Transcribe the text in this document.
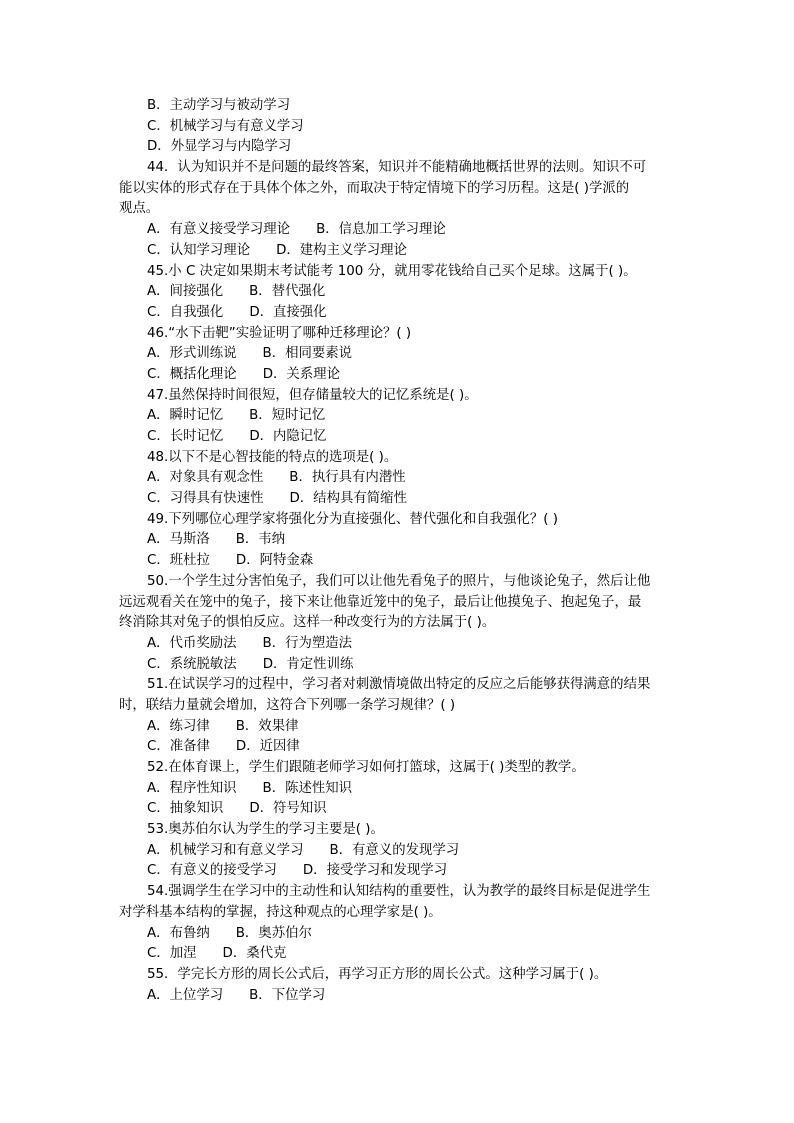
B．主动学习与被动学习
C．机械学习与有意义学习
D．外显学习与内隐学习
44．认为知识并不是问题的最终答案，知识并不能精确地概括世界的法则。知识不可
能以实体的形式存在于具体个体之外，而取决于特定情境下的学习历程。这是( )学派的
观点。
A．有意义接受学习理论 B．信息加工学习理论
C．认知学习理论 D．建构主义学习理论
45.小 C 决定如果期末考试能考 100 分，就用零花钱给自己买个足球。这属于( )。
A．间接强化 B．替代强化
C．自我强化 D．直接强化
46.“水下击靶”实验证明了哪种迁移理论？( )
A．形式训练说 B．相同要素说
C．概括化理论 D．关系理论
47.虽然保持时间很短，但存储量较大的记忆系统是( )。
A．瞬时记忆 B．短时记忆
C．长时记忆 D．内隐记忆
48.以下不是心智技能的特点的选项是( )。
A．对象具有观念性 B．执行具有内潜性
C．习得具有快速性 D．结构具有简缩性
49.下列哪位心理学家将强化分为直接强化、替代强化和自我强化？( )
A．马斯洛 B．韦纳
C．班杜拉 D．阿特金森
50.一个学生过分害怕兔子，我们可以让他先看兔子的照片，与他谈论兔子，然后让他
远远观看关在笼中的兔子，接下来让他靠近笼中的兔子，最后让他摸兔子、抱起兔子，最
终消除其对兔子的惧怕反应。这样一种改变行为的方法属于( )。
A．代币奖励法 B．行为塑造法
C．系统脱敏法 D．肯定性训练
51.在试误学习的过程中，学习者对刺激情境做出特定的反应之后能够获得满意的结果
时，联结力量就会增加，这符合下列哪一条学习规律？( )
A．练习律 B．效果律
C．准备律 D．近因律
52.在体育课上，学生们跟随老师学习如何打篮球，这属于( )类型的教学。
A．程序性知识 B．陈述性知识
C．抽象知识 D．符号知识
53.奥苏伯尔认为学生的学习主要是( )。
A．机械学习和有意义学习 B．有意义的发现学习
C．有意义的接受学习 D．接受学习和发现学习
54.强调学生在学习中的主动性和认知结构的重要性，认为教学的最终目标是促进学生
对学科基本结构的掌握，持这种观点的心理学家是( )。
A．布鲁纳 B．奥苏伯尔
C．加涅 D．桑代克
55．学完长方形的周长公式后，再学习正方形的周长公式。这种学习属于( )。
A．上位学习 B．下位学习
